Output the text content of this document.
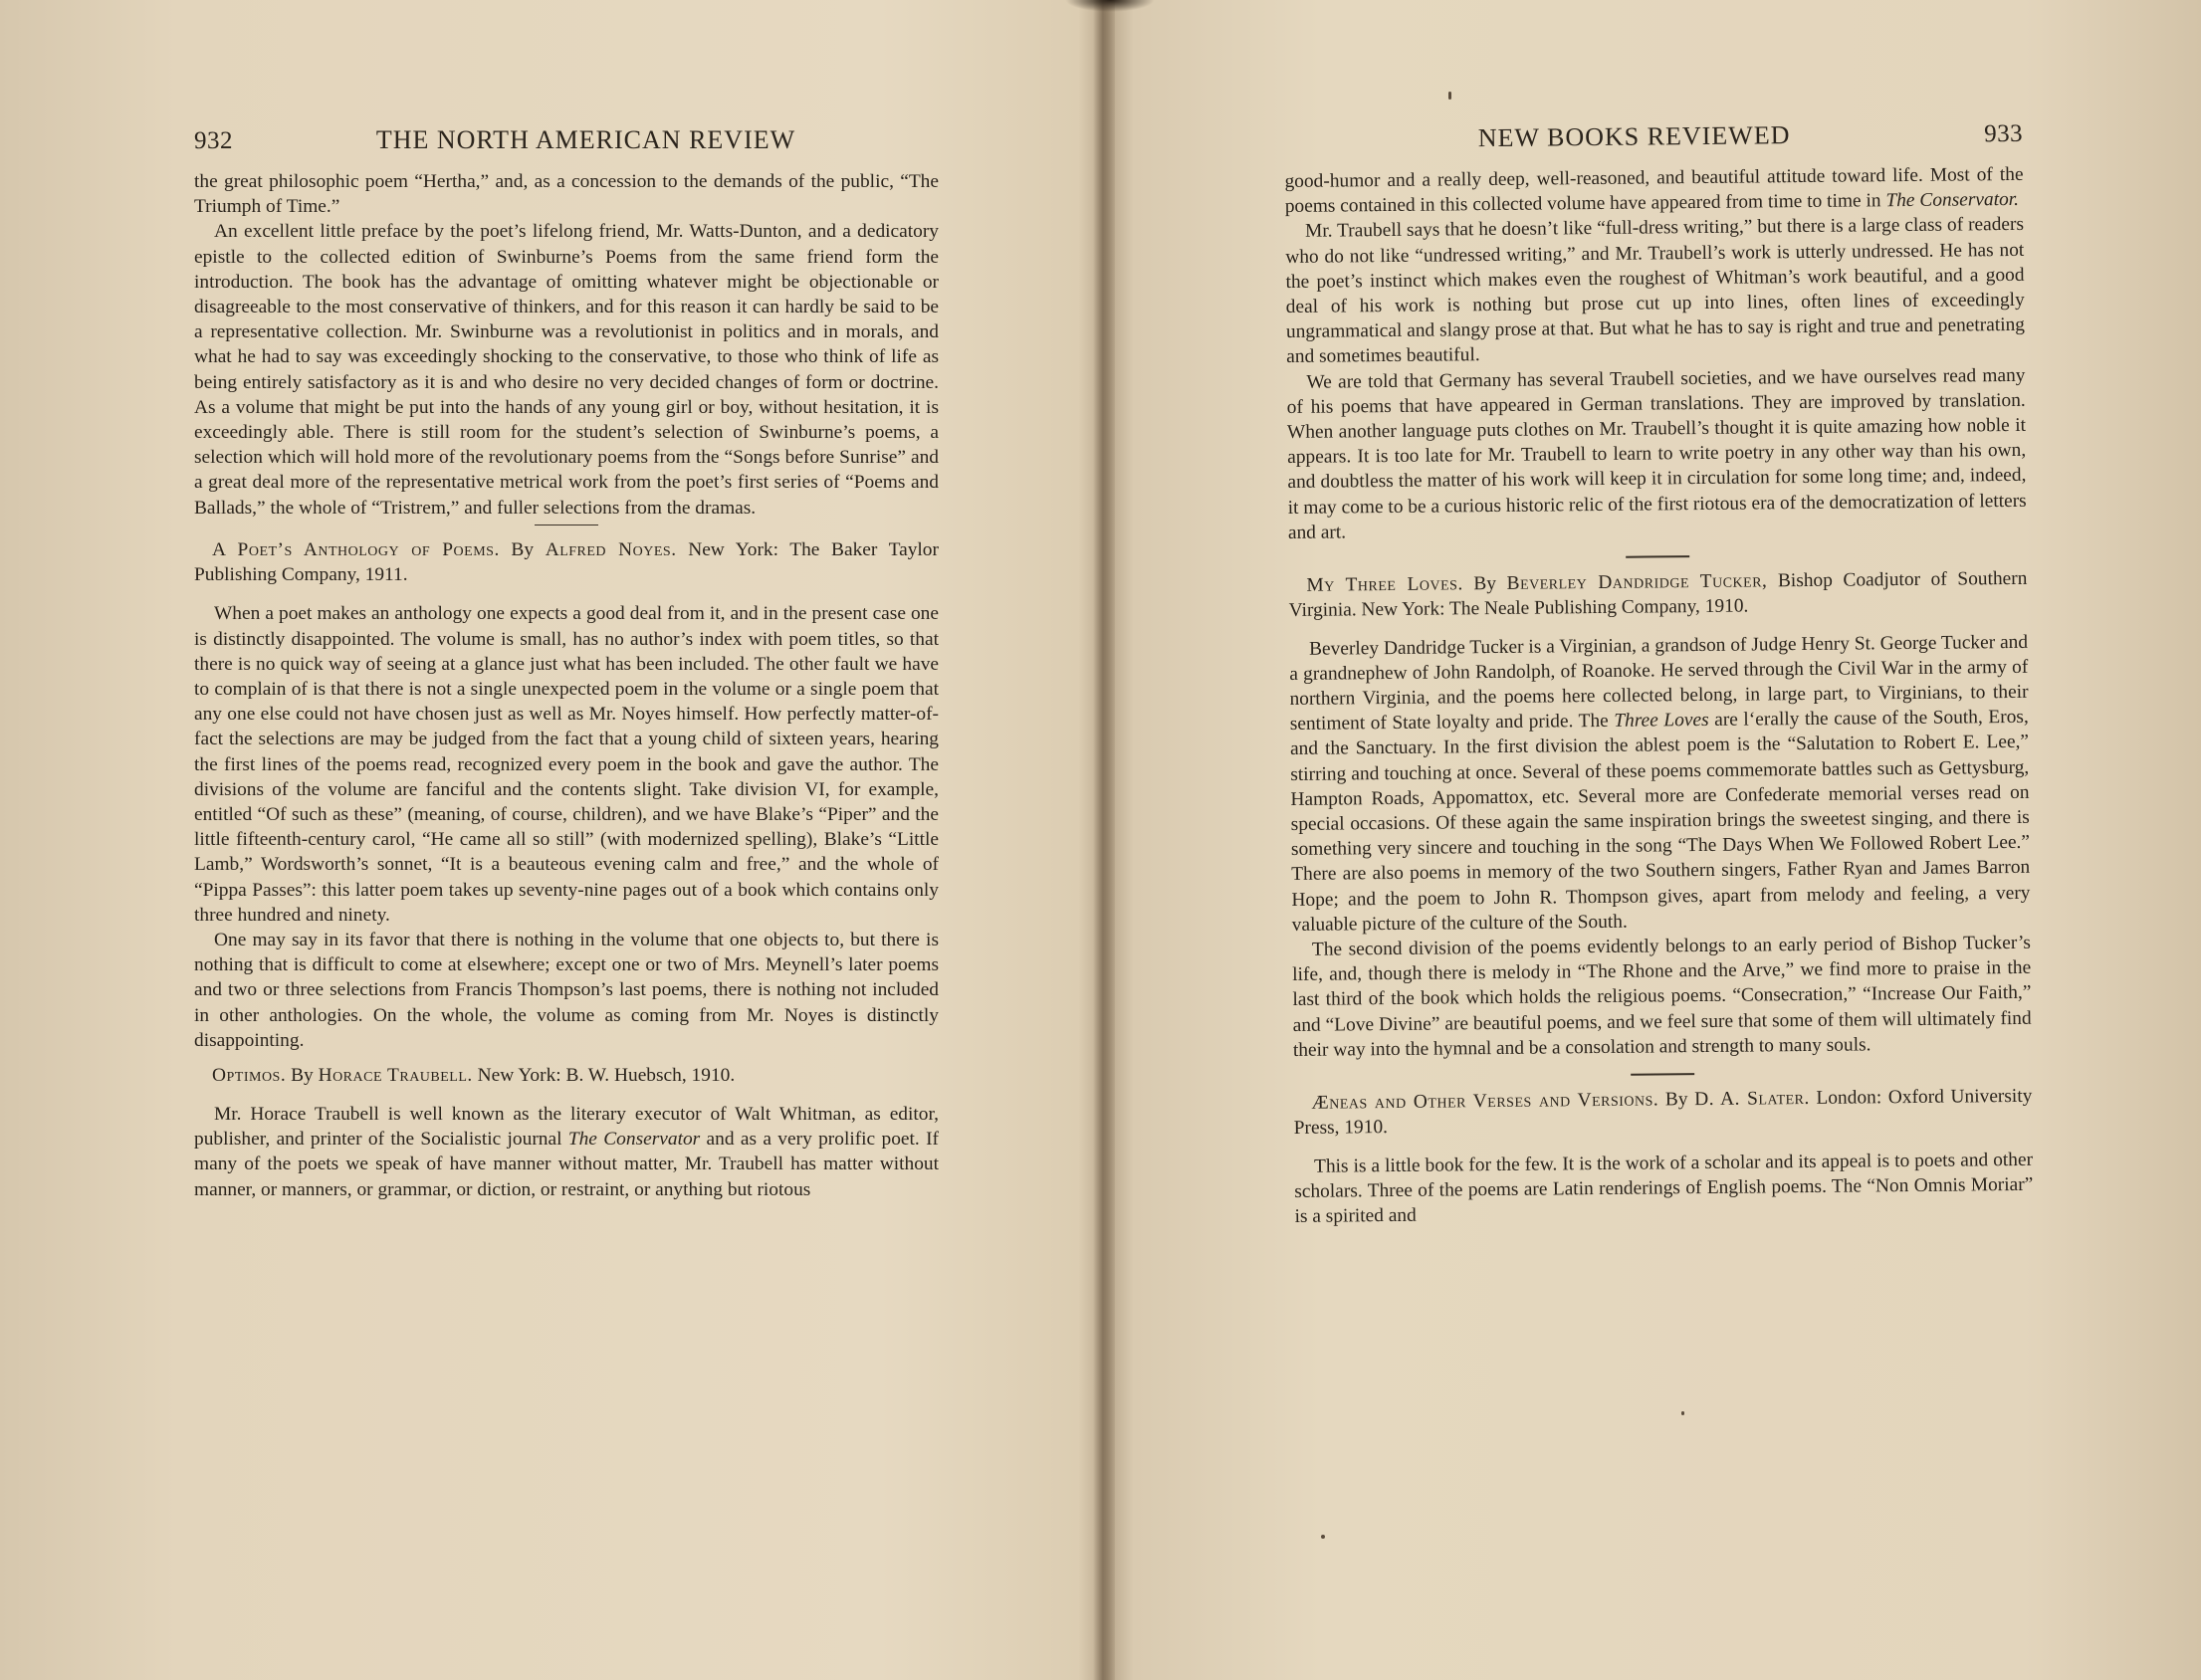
932	THE NORTH AMERICAN REVIEW

the great philosophic poem “Hertha,” and, as a concession to the demands of the public, “The Triumph of Time.”

An excellent little preface by the poet’s lifelong friend, Mr. Watts-Dunton, and a dedicatory epistle to the collected edition of Swinburne’s Poems from the same friend form the introduction. The book has the advantage of omitting whatever might be objectionable or disagreeable to the most conservative of thinkers, and for this reason it can hardly be said to be a representative collection. Mr. Swinburne was a revolutionist in politics and in morals, and what he had to say was exceedingly shocking to the conservative, to those who think of life as being entirely satisfactory as it is and who desire no very decided changes of form or doctrine. As a volume that might be put into the hands of any young girl or boy, without hesitation, it is exceedingly able. There is still room for the student’s selection of Swinburne’s poems, a selection which will hold more of the revolutionary poems from the “Songs before Sunrise” and a great deal more of the representative metrical work from the poet’s first series of “Poems and Ballads,” the whole of “Tristrem,” and fuller selections from the dramas.

A Poet’s Anthology of Poems. By Alfred Noyes. New York: The Baker Taylor Publishing Company, 1911.

When a poet makes an anthology one expects a good deal from it, and in the present case one is distinctly disappointed. The volume is small, has no author’s index with poem titles, so that there is no quick way of seeing at a glance just what has been included. The other fault we have to complain of is that there is not a single unexpected poem in the volume or a single poem that any one else could not have chosen just as well as Mr. Noyes himself. How perfectly matter-of-fact the selections are may be judged from the fact that a young child of sixteen years, hearing the first lines of the poems read, recognized every poem in the book and gave the author. The divisions of the volume are fanciful and the contents slight. Take division VI, for example, entitled “Of such as these” (meaning, of course, children), and we have Blake’s “Piper” and the little fifteenth-century carol, “He came all so still” (with modernized spelling), Blake’s “Little Lamb,” Wordsworth’s sonnet, “It is a beauteous evening calm and free,” and the whole of “Pippa Passes”: this latter poem takes up seventy-nine pages out of a book which contains only three hundred and ninety.

One may say in its favor that there is nothing in the volume that one objects to, but there is nothing that is difficult to come at elsewhere; except one or two of Mrs. Meynell’s later poems and two or three selections from Francis Thompson’s last poems, there is nothing not included in other anthologies. On the whole, the volume as coming from Mr. Noyes is distinctly disappointing.

Optimos. By Horace Traubell. New York: B. W. Huebsch, 1910.

Mr. Horace Traubell is well known as the literary executor of Walt Whitman, as editor, publisher, and printer of the Socialistic journal The Conservator and as a very prolific poet. If many of the poets we speak of have manner without matter, Mr. Traubell has matter without manner, or manners, or grammar, or diction, or restraint, or anything but riotous

NEW BOOKS REVIEWED	933

good-humor and a really deep, well-reasoned, and beautiful attitude toward life. Most of the poems contained in this collected volume have appeared from time to time in The Conservator.

Mr. Traubell says that he doesn’t like “full-dress writing,” but there is a large class of readers who do not like “undressed writing,” and Mr. Traubell’s work is utterly undressed. He has not the poet’s instinct which makes even the roughest of Whitman’s work beautiful, and a good deal of his work is nothing but prose cut up into lines, often lines of exceedingly ungrammatical and slangy prose at that. But what he has to say is right and true and penetrating and sometimes beautiful.

We are told that Germany has several Traubell societies, and we have ourselves read many of his poems that have appeared in German translations. They are improved by translation. When another language puts clothes on Mr. Traubell’s thought it is quite amazing how noble it appears. It is too late for Mr. Traubell to learn to write poetry in any other way than his own, and doubtless the matter of his work will keep it in circulation for some long time; and, indeed, it may come to be a curious historic relic of the first riotous era of the democratization of letters and art.

My Three Loves. By Beverley Dandridge Tucker, Bishop Coadjutor of Southern Virginia. New York: The Neale Publishing Company, 1910.

Beverley Dandridge Tucker is a Virginian, a grandson of Judge Henry St. George Tucker and a grandnephew of John Randolph, of Roanoke. He served through the Civil War in the army of northern Virginia, and the poems here collected belong, in large part, to Virginians, to their sentiment of State loyalty and pride. The Three Loves are l‘erally the cause of the South, Eros, and the Sanctuary. In the first division the ablest poem is the “Salutation to Robert E. Lee,” stirring and touching at once. Several of these poems commemorate battles such as Gettysburg, Hampton Roads, Appomattox, etc. Several more are Confederate memorial verses read on special occasions. Of these again the same inspiration brings the sweetest singing, and there is something very sincere and touching in the song “The Days When We Followed Robert Lee.” There are also poems in memory of the two Southern singers, Father Ryan and James Barron Hope; and the poem to John R. Thompson gives, apart from melody and feeling, a very valuable picture of the culture of the South.

The second division of the poems evidently belongs to an early period of Bishop Tucker’s life, and, though there is melody in “The Rhone and the Arve,” we find more to praise in the last third of the book which holds the religious poems. “Consecration,” “Increase Our Faith,” and “Love Divine” are beautiful poems, and we feel sure that some of them will ultimately find their way into the hymnal and be a consolation and strength to many souls.

Æneas and Other Verses and Versions. By D. A. Slater. London: Oxford University Press, 1910.

This is a little book for the few. It is the work of a scholar and its appeal is to poets and other scholars. Three of the poems are Latin renderings of English poems. The “Non Omnis Moriar” is a spirited and
